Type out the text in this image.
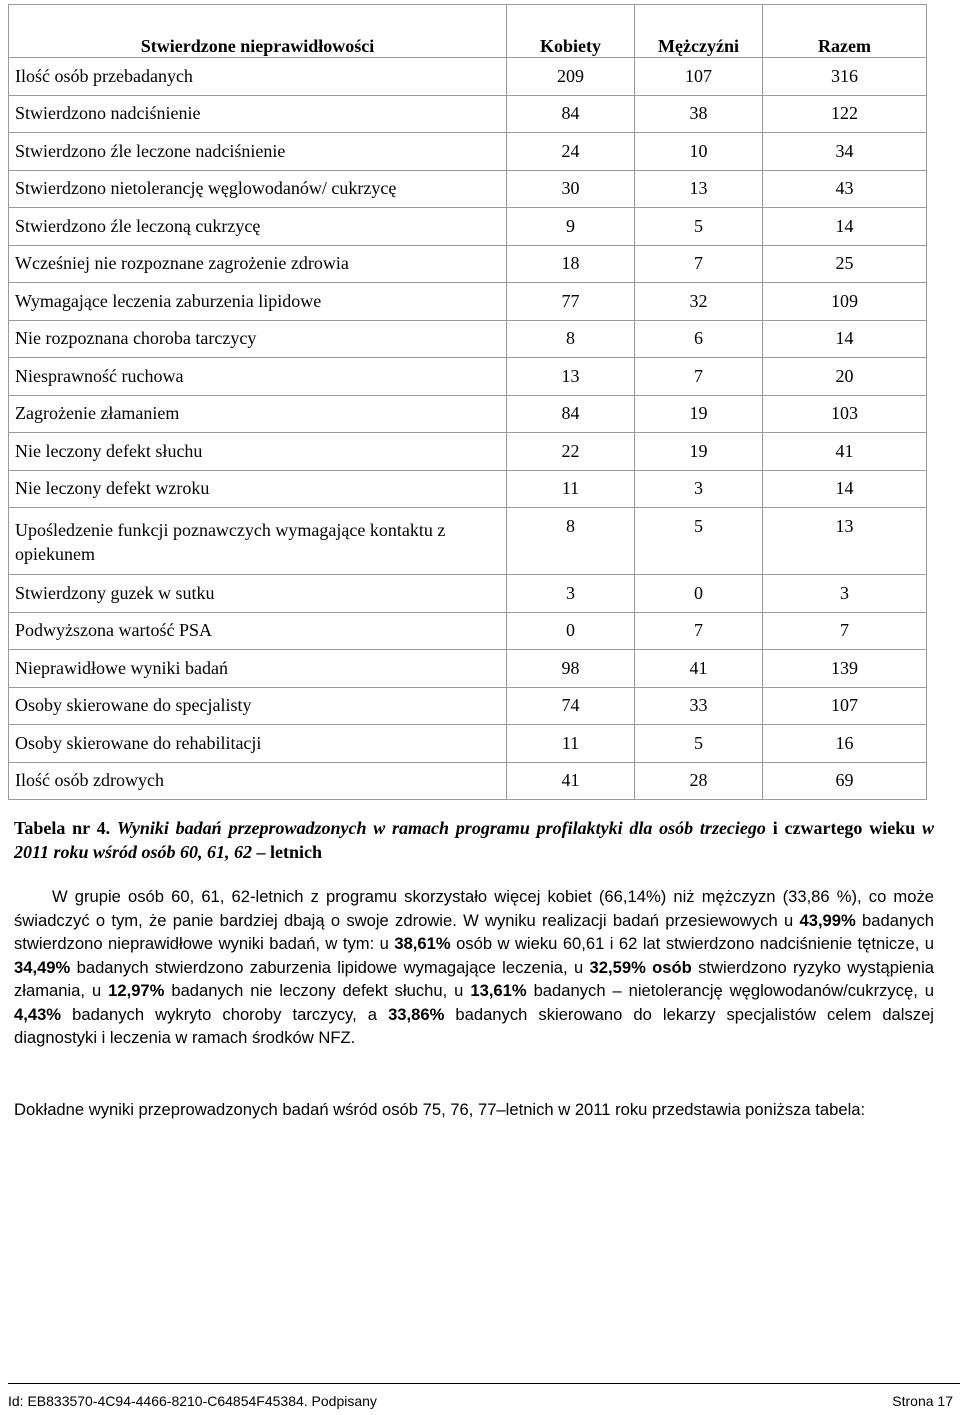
Stwierdzone nieprawidłowości	Kobiety	Mężczyźni	Razem
Ilość osób przebadanych	209	107	316
Stwierdzono nadciśnienie	84	38	122
Stwierdzono źle leczone nadciśnienie	24	10	34
Stwierdzono nietolerancję węglowodanów/ cukrzycę	30	13	43
Stwierdzono źle leczoną cukrzycę	9	5	14
Wcześniej nie rozpoznane zagrożenie zdrowia	18	7	25
Wymagające leczenia zaburzenia lipidowe	77	32	109
Nie rozpoznana choroba tarczycy	8	6	14
Niesprawność ruchowa	13	7	20
Zagrożenie złamaniem	84	19	103
Nie leczony defekt słuchu	22	19	41
Nie leczony defekt wzroku	11	3	14
Upośledzenie funkcji poznawczych wymagające kontaktu z opiekunem	8	5	13
Stwierdzony guzek w sutku	3	0	3
Podwyższona wartość PSA	0	7	7
Nieprawidłowe wyniki badań	98	41	139
Osoby skierowane do specjalisty	74	33	107
Osoby skierowane do rehabilitacji	11	5	16
Ilość osób zdrowych	41	28	69
Tabela nr 4. Wyniki badań przeprowadzonych w ramach programu profilaktyki dla osób trzeciego i czwartego wieku w 2011 roku wśród osób 60, 61, 62 – letnich
W grupie osób 60, 61, 62-letnich z programu skorzystało więcej kobiet (66,14%) niż mężczyzn (33,86 %), co może świadczyć o tym, że panie bardziej dbają o swoje zdrowie. W wyniku realizacji badań przesiewowych u 43,99% badanych stwierdzono nieprawidłowe wyniki badań, w tym: u 38,61% osób w wieku 60,61 i 62 lat stwierdzono nadciśnienie tętnicze, u 34,49% badanych stwierdzono zaburzenia lipidowe wymagające leczenia, u 32,59% osób stwierdzono ryzyko wystąpienia złamania, u 12,97% badanych nie leczony defekt słuchu, u 13,61% badanych – nietolerancję węglowodanów/cukrzycę, u 4,43% badanych wykryto choroby tarczycy, a 33,86% badanych skierowano do lekarzy specjalistów celem dalszej diagnostyki i leczenia w ramach środków NFZ.
Dokładne wyniki przeprowadzonych badań wśród osób 75, 76, 77–letnich w 2011 roku przedstawia poniższa tabela:
Id: EB833570-4C94-4466-8210-C64854F45384. Podpisany	Strona 17
